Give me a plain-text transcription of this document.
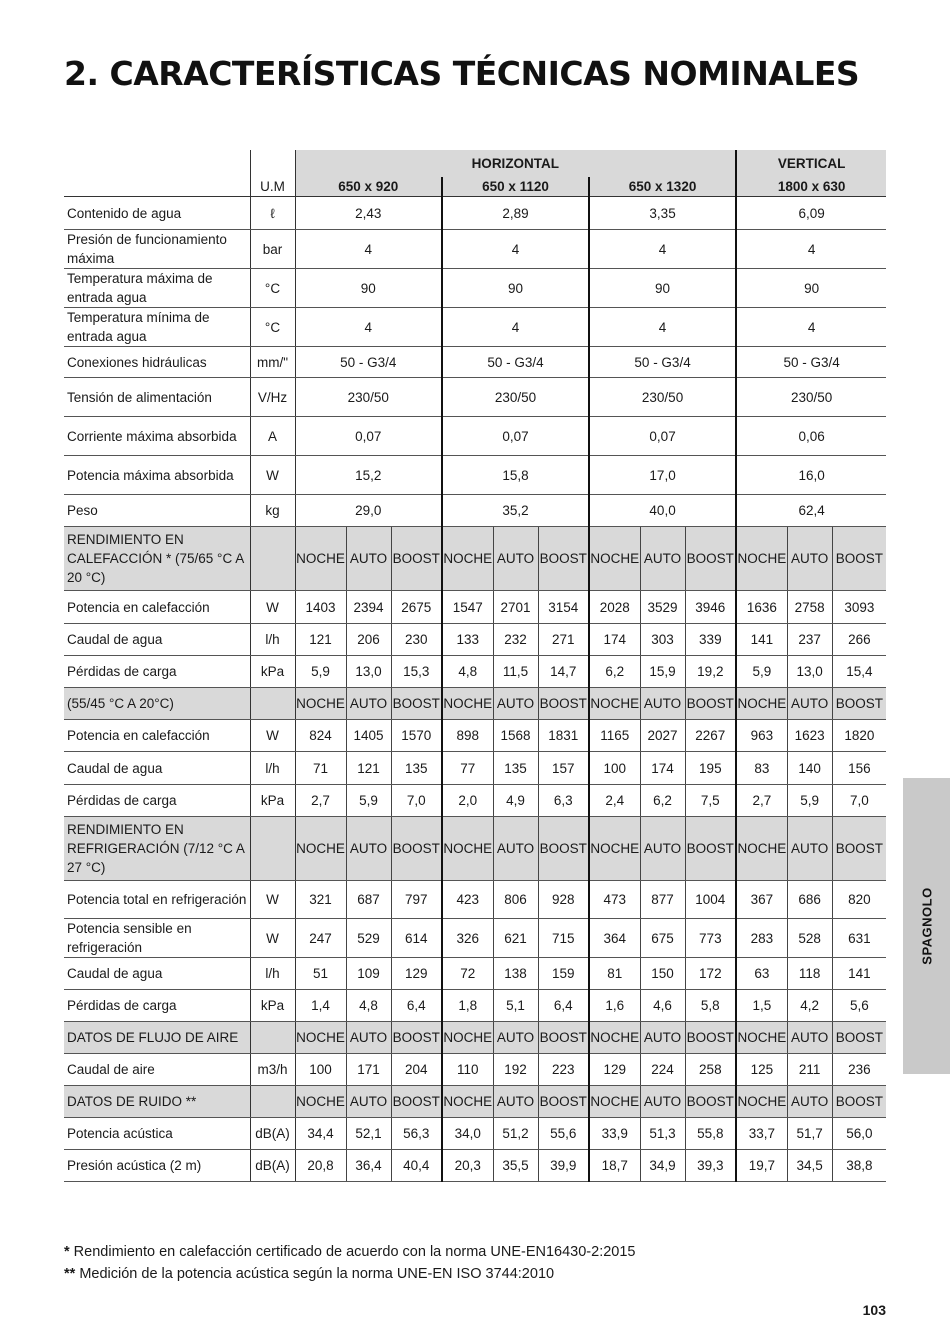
2. CARACTERÍSTICAS TÉCNICAS NOMINALES
		HORIZONTAL									VERTICAL		
	U.M	650 x 920			650 x 1120			650 x 1320			1800 x 630		
Contenido de agua	ℓ	2,43			2,89			3,35			6,09		
Presión de funcionamiento máxima	bar	4			4			4			4		
Temperatura máxima de entrada agua	°C	90			90			90			90		
Temperatura mínima de entrada agua	°C	4			4			4			4		
Conexiones hidráulicas	mm/"	50 - G3/4			50 - G3/4			50 - G3/4			50 - G3/4		
Tensión de alimentación	V/Hz	230/50			230/50			230/50			230/50		
Corriente máxima absorbida	A	0,07			0,07			0,07			0,06		
Potencia máxima absorbida	W	15,2			15,8			17,0			16,0		
Peso	kg	29,0			35,2			40,0			62,4		
RENDIMIENTO EN CALEFACCIÓN * (75/65 °C A 20 °C)		NOCHE	AUTO	BOOST	NOCHE	AUTO	BOOST	NOCHE	AUTO	BOOST	NOCHE	AUTO	BOOST
Potencia en calefacción	W	1403	2394	2675	1547	2701	3154	2028	3529	3946	1636	2758	3093
Caudal de agua	l/h	121	206	230	133	232	271	174	303	339	141	237	266
Pérdidas de carga	kPa	5,9	13,0	15,3	4,8	11,5	14,7	6,2	15,9	19,2	5,9	13,0	15,4
(55/45 °C A 20°C)		NOCHE	AUTO	BOOST	NOCHE	AUTO	BOOST	NOCHE	AUTO	BOOST	NOCHE	AUTO	BOOST
Potencia en calefacción	W	824	1405	1570	898	1568	1831	1165	2027	2267	963	1623	1820
Caudal de agua	l/h	71	121	135	77	135	157	100	174	195	83	140	156
Pérdidas de carga	kPa	2,7	5,9	7,0	2,0	4,9	6,3	2,4	6,2	7,5	2,7	5,9	7,0
RENDIMIENTO EN REFRIGERACIÓN (7/12 °C A 27 °C)		NOCHE	AUTO	BOOST	NOCHE	AUTO	BOOST	NOCHE	AUTO	BOOST	NOCHE	AUTO	BOOST
Potencia total en refrigeración	W	321	687	797	423	806	928	473	877	1004	367	686	820
Potencia sensible en refrigeración	W	247	529	614	326	621	715	364	675	773	283	528	631
Caudal de agua	l/h	51	109	129	72	138	159	81	150	172	63	118	141
Pérdidas de carga	kPa	1,4	4,8	6,4	1,8	5,1	6,4	1,6	4,6	5,8	1,5	4,2	5,6
DATOS DE FLUJO DE AIRE		NOCHE	AUTO	BOOST	NOCHE	AUTO	BOOST	NOCHE	AUTO	BOOST	NOCHE	AUTO	BOOST
Caudal de aire	m3/h	100	171	204	110	192	223	129	224	258	125	211	236
DATOS DE RUIDO **		NOCHE	AUTO	BOOST	NOCHE	AUTO	BOOST	NOCHE	AUTO	BOOST	NOCHE	AUTO	BOOST
Potencia acústica	dB(A)	34,4	52,1	56,3	34,0	51,2	55,6	33,9	51,3	55,8	33,7	51,7	56,0
Presión acústica (2 m)	dB(A)	20,8	36,4	40,4	20,3	35,5	39,9	18,7	34,9	39,3	19,7	34,5	38,8
SPAGNOLO
* Rendimiento en calefacción certificado de acuerdo con la norma UNE-EN16430-2:2015
** Medición de la potencia acústica según la norma UNE-EN ISO 3744:2010
103
